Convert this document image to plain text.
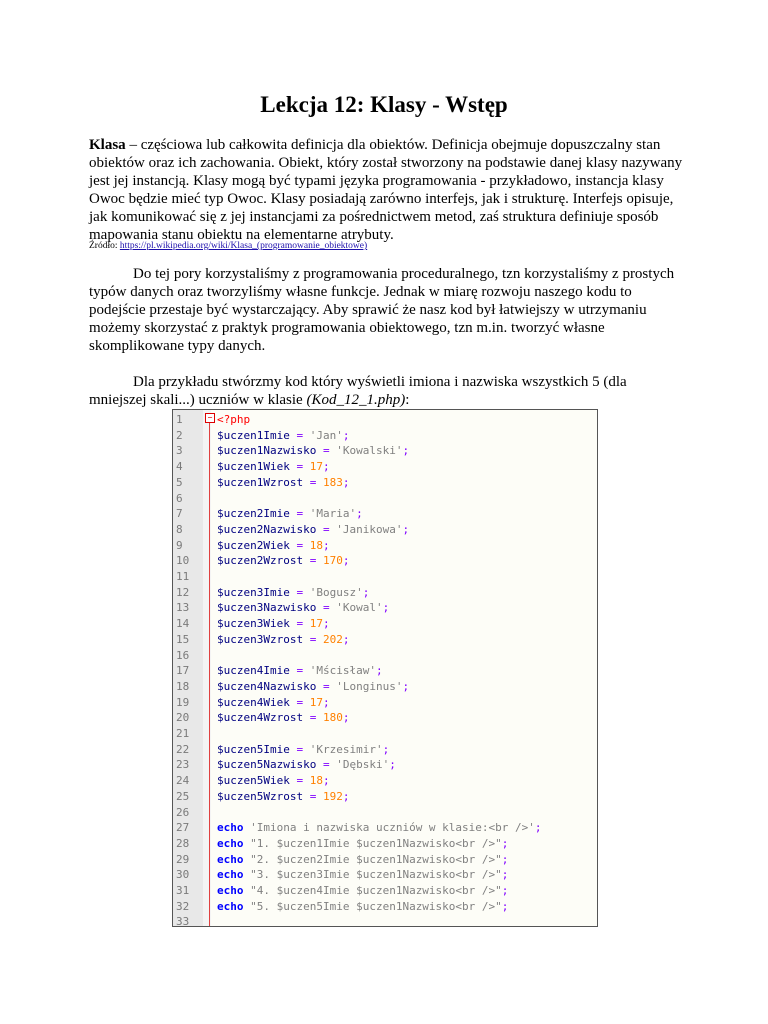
Lekcja 12: Klasy - Wstęp

Klasa – częściowa lub całkowita definicja dla obiektów. Definicja obejmuje dopuszczalny stan obiektów oraz ich zachowania. Obiekt, który został stworzony na podstawie danej klasy nazywany jest jej instancją. Klasy mogą być typami języka programowania - przykładowo, instancja klasy Owoc będzie mieć typ Owoc. Klasy posiadają zarówno interfejs, jak i strukturę. Interfejs opisuje, jak komunikować się z jej instancjami za pośrednictwem metod, zaś struktura definiuje sposób mapowania stanu obiektu na elementarne atrybuty.

Źródło: https://pl.wikipedia.org/wiki/Klasa_(programowanie_obiektowe)

Do tej pory korzystaliśmy z programowania proceduralnego, tzn korzystaliśmy z prostych typów danych oraz tworzyliśmy własne funkcje. Jednak w miarę rozwoju naszego kodu to podejście przestaje być wystarczający. Aby sprawić że nasz kod był łatwiejszy w utrzymaniu możemy skorzystać z praktyk programowania obiektowego, tzn m.in. tworzyć własne skomplikowane typy danych.

Dla przykładu stwórzmy kod który wyświetli imiona i nazwiska wszystkich 5 (dla mniejszej skali...) uczniów w klasie (Kod_12_1.php):

−
1	<?php
2	$uczen1Imie = 'Jan';
3	$uczen1Nazwisko = 'Kowalski';
4	$uczen1Wiek = 17;
5	$uczen1Wzrost = 183;
6
7	$uczen2Imie = 'Maria';
8	$uczen2Nazwisko = 'Janikowa';
9	$uczen2Wiek = 18;
10	$uczen2Wzrost = 170;
11
12	$uczen3Imie = 'Bogusz';
13	$uczen3Nazwisko = 'Kowal';
14	$uczen3Wiek = 17;
15	$uczen3Wzrost = 202;
16
17	$uczen4Imie = 'Mścisław';
18	$uczen4Nazwisko = 'Longinus';
19	$uczen4Wiek = 17;
20	$uczen4Wzrost = 180;
21
22	$uczen5Imie = 'Krzesimir';
23	$uczen5Nazwisko = 'Dębski';
24	$uczen5Wiek = 18;
25	$uczen5Wzrost = 192;
26
27	echo 'Imiona i nazwiska uczniów w klasie:<br />';
28	echo "1. $uczen1Imie $uczen1Nazwisko<br />";
29	echo "2. $uczen2Imie $uczen1Nazwisko<br />";
30	echo "3. $uczen3Imie $uczen1Nazwisko<br />";
31	echo "4. $uczen4Imie $uczen1Nazwisko<br />";
32	echo "5. $uczen5Imie $uczen1Nazwisko<br />";
33
